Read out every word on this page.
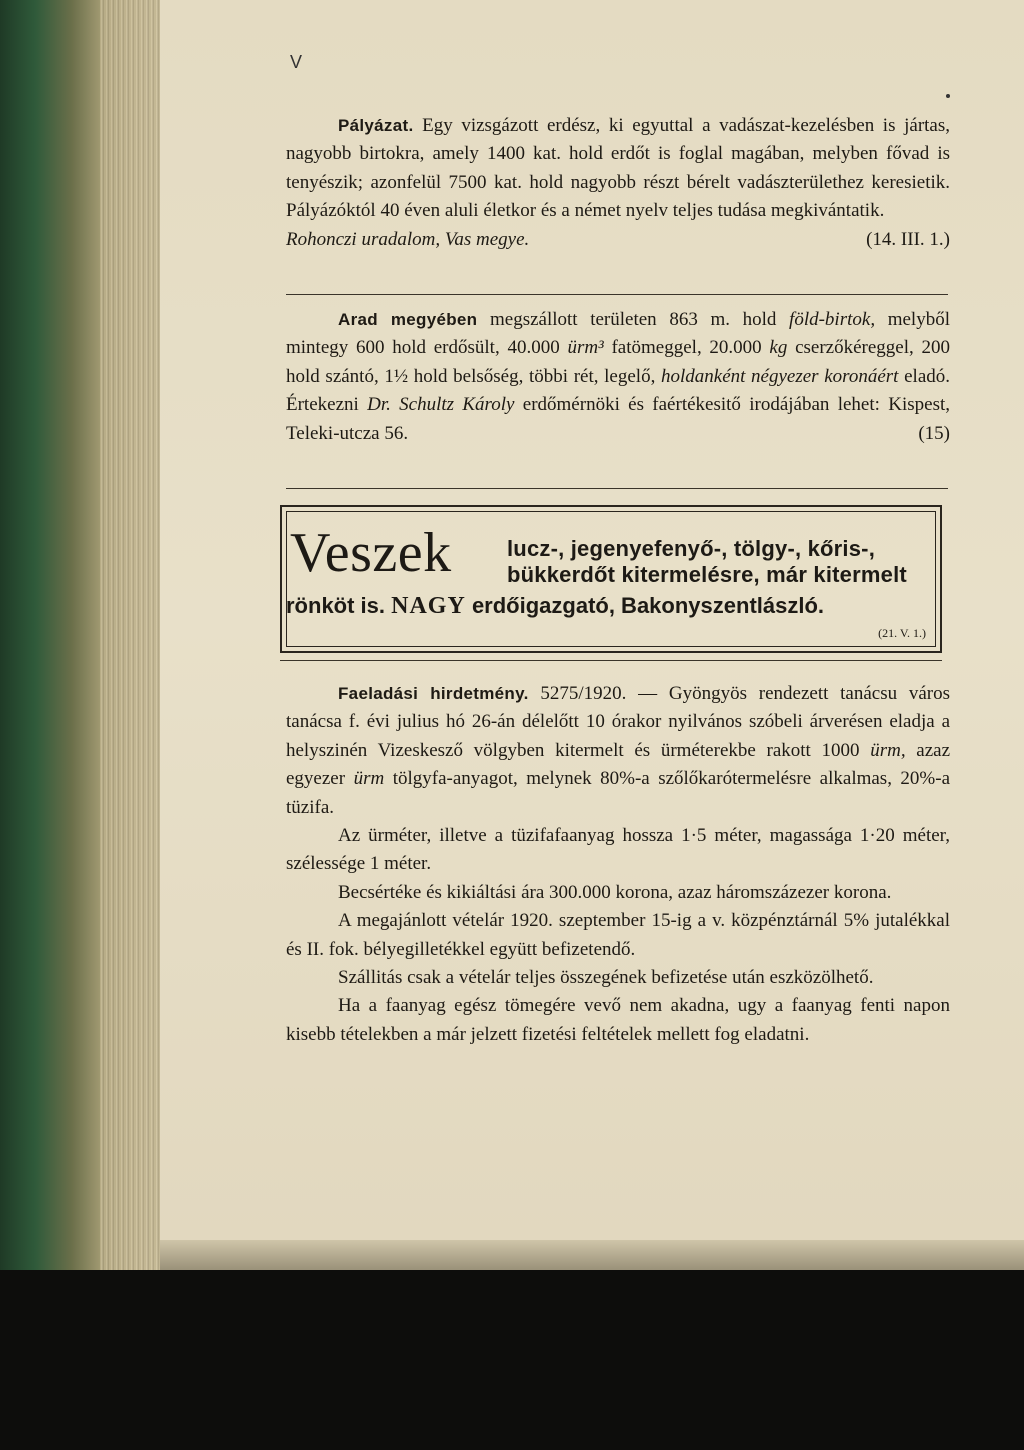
V

Pályázat. Egy vizsgázott erdész, ki egyuttal a vadászat-kezelésben is jártas, nagyobb birtokra, amely 1400 kat. hold erdőt is foglal magában, melyben fővad is tenyészik; azonfelül 7500 kat. hold nagyobb részt bérelt vadászterülethez keresietik. Pályázóktól 40 éven aluli életkor és a német nyelv teljes tudása megkivántatik.

Rohonczi uradalom, Vas megye.	(14. III. 1.)

Arad megyében megszállott területen 863 m. hold föld-birtok, melyből mintegy 600 hold erdősült, 40.000 ürm³ fatömeggel, 20.000 kg cserzőkéreggel, 200 hold szántó, 1½ hold belsőség, többi rét, legelő, holdanként négyezer koronáért eladó. Értekezni Dr. Schultz Károly erdőmérnöki és faértékesitő irodájában lehet: Kispest, Teleki-utcza 56.	(15)

Veszek	lucz-, jegenyefenyő-, tölgy-, kőris-,
bükkerdőt kitermelésre, már kitermelt
rönköt is. NAGY erdőigazgató, Bakonyszentlászló.
(21. V. 1.)

Faeladási hirdetmény. 5275/1920. — Gyöngyös rendezett tanácsu város tanácsa f. évi julius hó 26-án délelőtt 10 órakor nyilvános szóbeli árverésen eladja a helyszinén Vizeskesző völgyben kitermelt és ürméterekbe rakott 1000 ürm, azaz egyezer ürm tölgyfa-anyagot, melynek 80%-a szőlőkarótermelésre alkalmas, 20%-a tüzifa.

Az ürméter, illetve a tüzifafaanyag hossza 1·5 méter, magassága 1·20 méter, szélessége 1 méter.

Becsértéke és kikiáltási ára 300.000 korona, azaz háromszázezer korona.

A megajánlott vételár 1920. szeptember 15-ig a v. közpénztárnál 5% jutalékkal és II. fok. bélyegilletékkel együtt befizetendő.

Szállitás csak a vételár teljes összegének befizetése után eszközölhető.

Ha a faanyag egész tömegére vevő nem akadna, ugy a faanyag fenti napon kisebb tételekben a már jelzett fizetési feltételek mellett fog eladatni.
